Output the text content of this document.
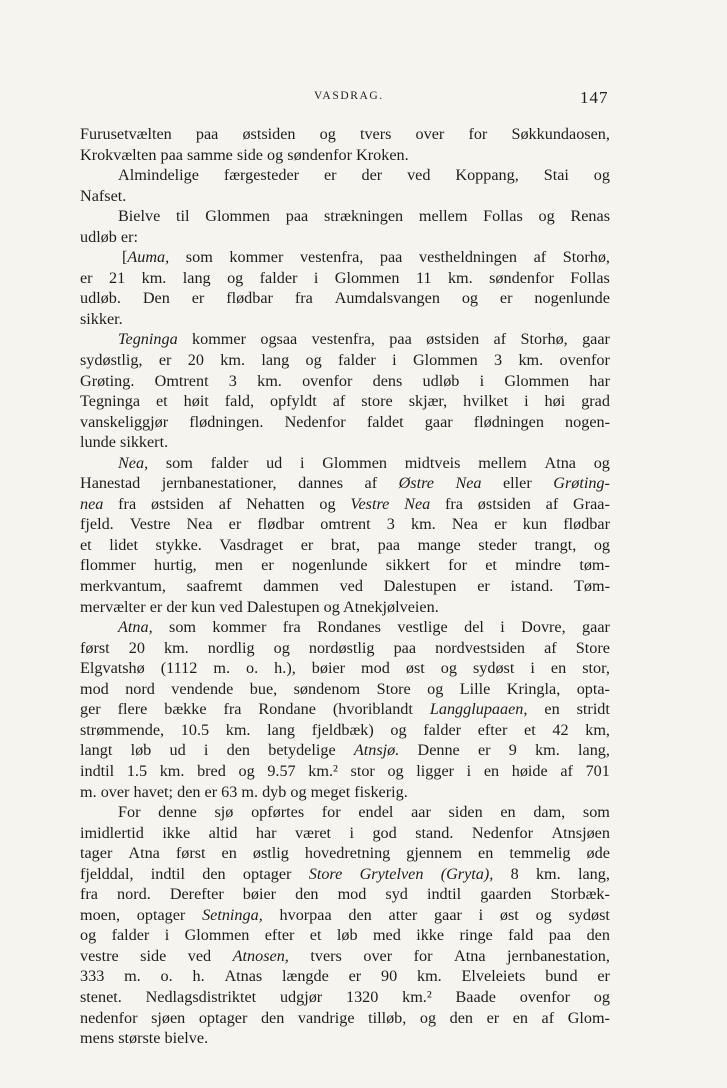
VASDRAG.	147
Furusetvælten paa østsiden og tvers over for Søkkundaosen,
Krokvælten paa samme side og søndenfor Kroken.
Almindelige færgesteder er der ved Koppang, Stai og
Nafset.
Bielve til Glommen paa strækningen mellem Follas og Renas
udløb er:
[Auma, som kommer vestenfra, paa vestheldningen af Storhø,
er 21 km. lang og falder i Glommen 11 km. søndenfor Follas
udløb. Den er flødbar fra Aumdalsvangen og er nogenlunde
sikker.
Tegninga kommer ogsaa vestenfra, paa østsiden af Storhø, gaar
sydøstlig, er 20 km. lang og falder i Glommen 3 km. ovenfor
Grøting. Omtrent 3 km. ovenfor dens udløb i Glommen har
Tegninga et høit fald, opfyldt af store skjær, hvilket i høi grad
vanskeliggjør flødningen. Nedenfor faldet gaar flødningen nogen-
lunde sikkert.
Nea, som falder ud i Glommen midtveis mellem Atna og
Hanestad jernbanestationer, dannes af Østre Nea eller Grøting-
nea fra østsiden af Nehatten og Vestre Nea fra østsiden af Graa-
fjeld. Vestre Nea er flødbar omtrent 3 km. Nea er kun flødbar
et lidet stykke. Vasdraget er brat, paa mange steder trangt, og
flommer hurtig, men er nogenlunde sikkert for et mindre tøm-
merkvantum, saafremt dammen ved Dalestupen er istand. Tøm-
mervælter er der kun ved Dalestupen og Atnekjølveien.
Atna, som kommer fra Rondanes vestlige del i Dovre, gaar
først 20 km. nordlig og nordøstlig paa nordvestsiden af Store
Elgvatshø (1112 m. o. h.), bøier mod øst og sydøst i en stor,
mod nord vendende bue, søndenom Store og Lille Kringla, opta-
ger flere bække fra Rondane (hvoriblandt Langglupaaen, en stridt
strømmende, 10.5 km. lang fjeldbæk) og falder efter et 42 km,
langt løb ud i den betydelige Atnsjø. Denne er 9 km. lang,
indtil 1.5 km. bred og 9.57 km.² stor og ligger i en høide af 701
m. over havet; den er 63 m. dyb og meget fiskerig.
For denne sjø opførtes for endel aar siden en dam, som
imidlertid ikke altid har været i god stand. Nedenfor Atnsjøen
tager Atna først en østlig hovedretning gjennem en temmelig øde
fjelddal, indtil den optager Store Grytelven (Gryta), 8 km. lang,
fra nord. Derefter bøier den mod syd indtil gaarden Storbæk-
moen, optager Setninga, hvorpaa den atter gaar i øst og sydøst
og falder i Glommen efter et løb med ikke ringe fald paa den
vestre side ved Atnosen, tvers over for Atna jernbanestation,
333 m. o. h. Atnas længde er 90 km. Elveleiets bund er
stenet. Nedlagsdistriktet udgjør 1320 km.² Baade ovenfor og
nedenfor sjøen optager den vandrige tilløb, og den er en af Glom-
mens største bielve.
